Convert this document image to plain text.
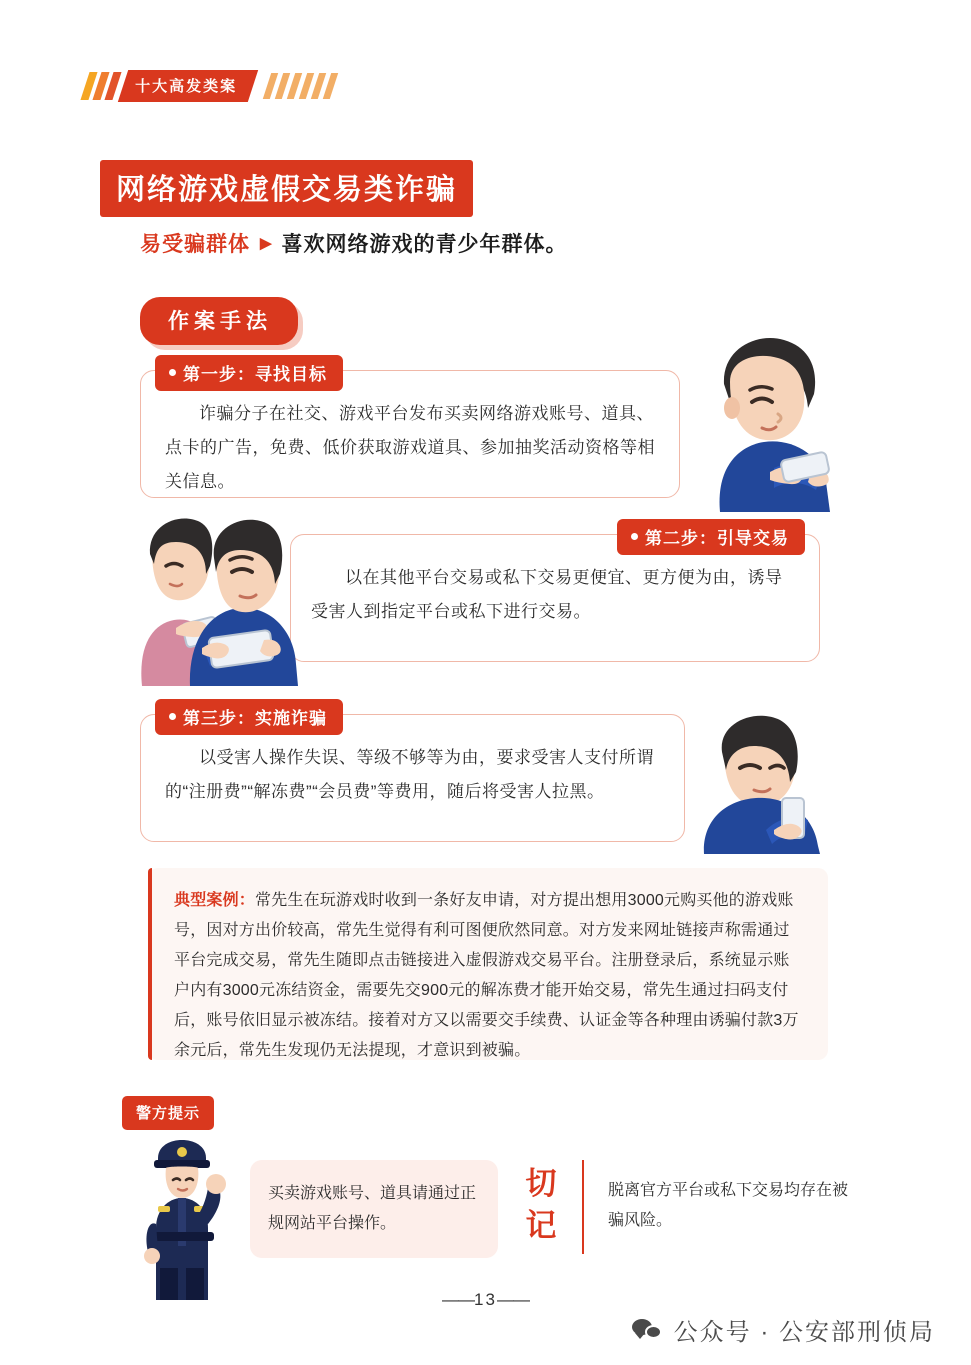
十大高发类案
网络游戏虚假交易类诈骗
易受骗群体 ▶ 喜欢网络游戏的青少年群体。
作案手法
第一步：寻找目标
诈骗分子在社交、游戏平台发布买卖网络游戏账号、道具、点卡的广告，免费、低价获取游戏道具、参加抽奖活动资格等相关信息。
第二步：引导交易
以在其他平台交易或私下交易更便宜、更方便为由，诱导受害人到指定平台或私下进行交易。
第三步：实施诈骗
以受害人操作失误、等级不够等为由，要求受害人支付所谓的“注册费”“解冻费”“会员费”等费用，随后将受害人拉黑。
典型案例：常先生在玩游戏时收到一条好友申请，对方提出想用3000元购买他的游戏账号，因对方出价较高，常先生觉得有利可图便欣然同意。对方发来网址链接声称需通过平台完成交易，常先生随即点击链接进入虚假游戏交易平台。注册登录后，系统显示账户内有3000元冻结资金，需要先交900元的解冻费才能开始交易，常先生通过扫码支付后，账号依旧显示被冻结。接着对方又以需要交手续费、认证金等各种理由诱骗付款3万余元后，常先生发现仍无法提现，才意识到被骗。
警方提示

买卖游戏账号、道具请通过正规网站平台操作。

切记
脱离官方平台或私下交易均存在被骗风险。
——13——
公众号 · 公安部刑侦局
